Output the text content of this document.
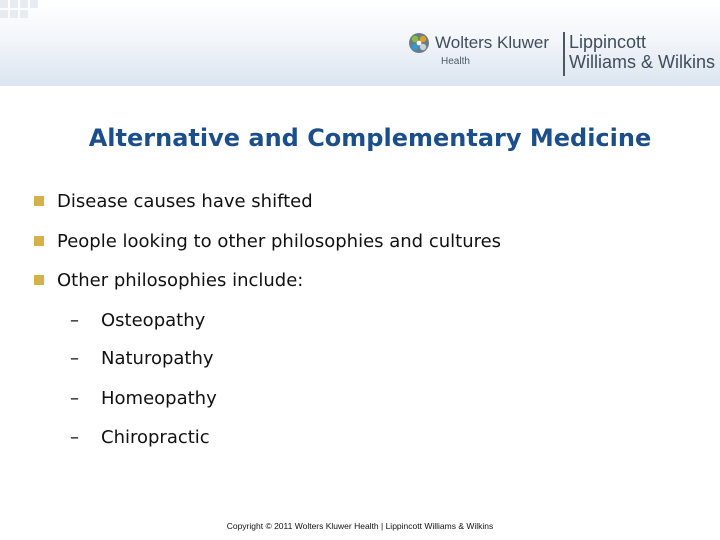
Wolters Kluwer
Health
Lippincott
Williams & Wilkins
Alternative and Complementary Medicine
Disease causes have shifted
People looking to other philosophies and cultures
Other philosophies include:
–	Osteopathy
–	Naturopathy
–	Homeopathy
–	Chiropractic
Copyright © 2011 Wolters Kluwer Health | Lippincott Williams & Wilkins
